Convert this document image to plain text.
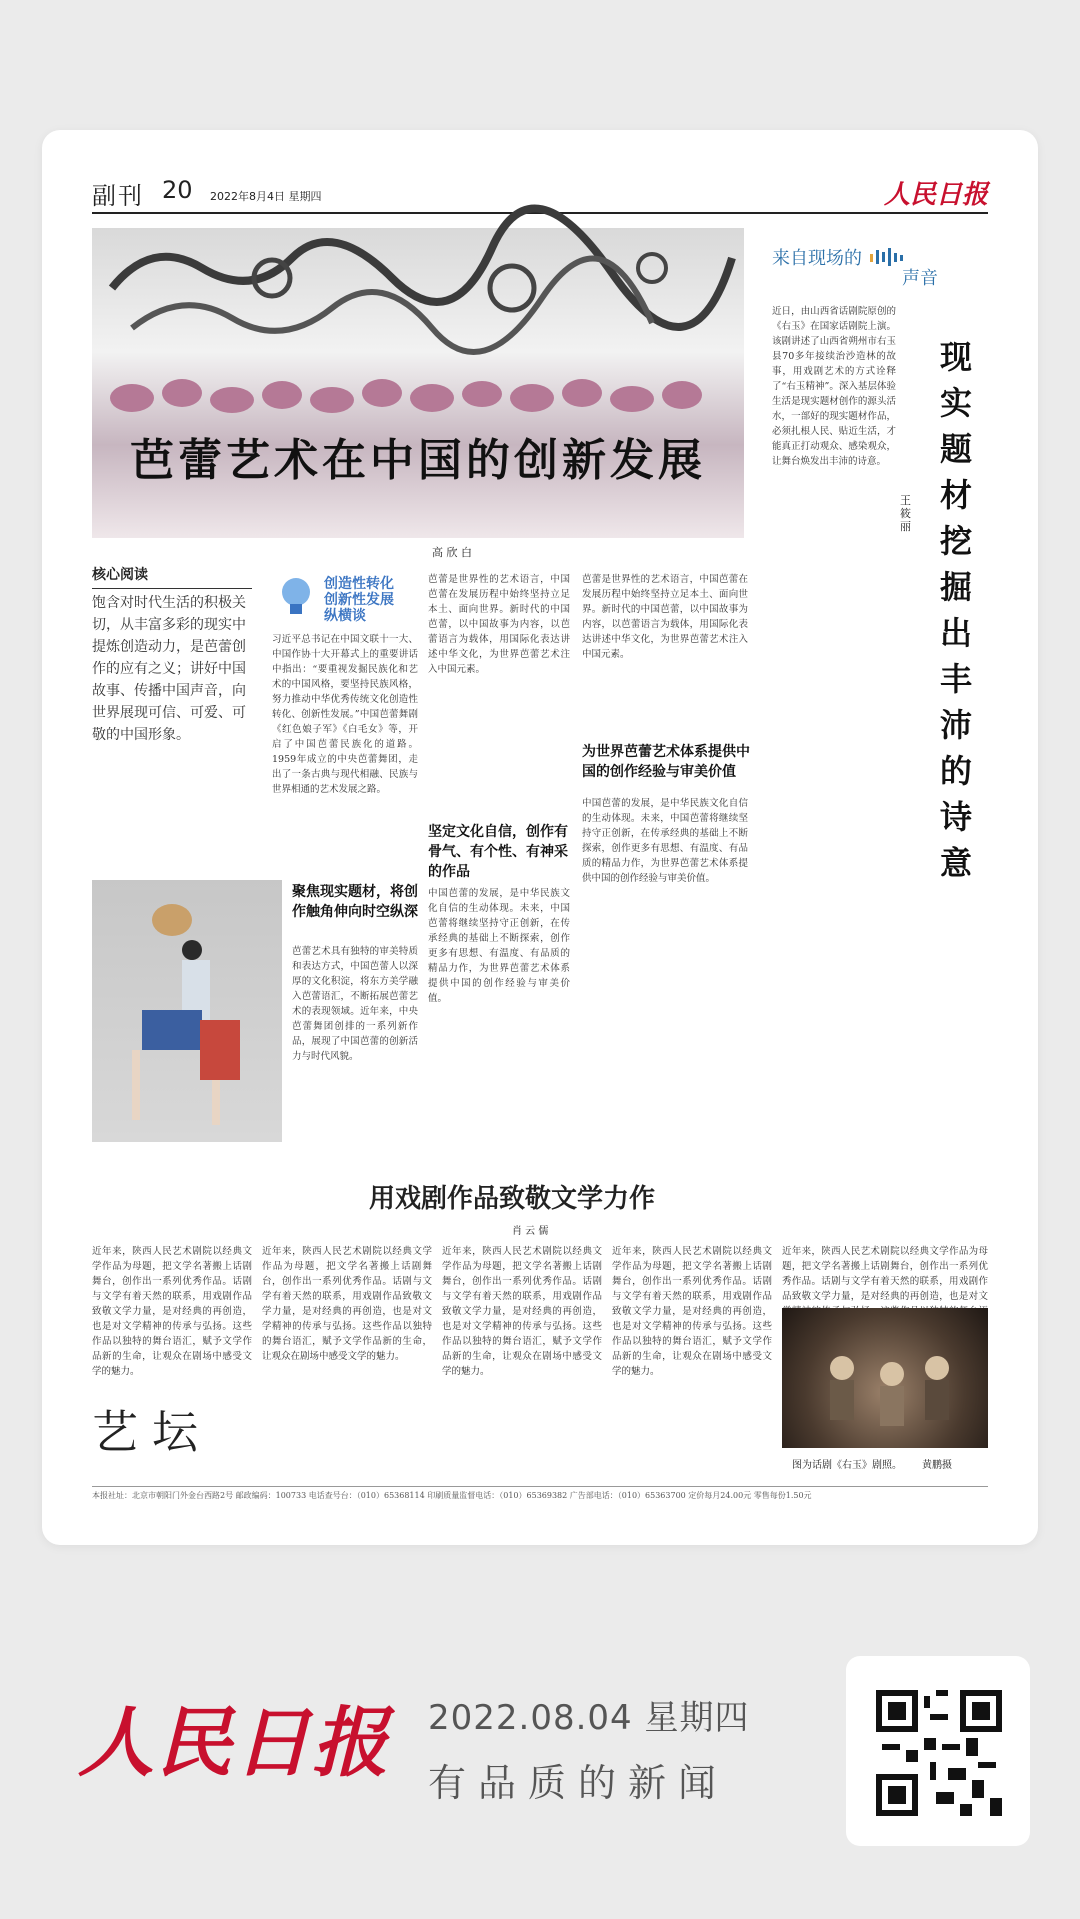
副刊 20 2022年8月4日 星期四	人民日报
芭蕾艺术在中国的创新发展
高 欣 白
来自现场的
声音
现实题材挖掘出丰沛的诗意
王 筱 丽
近日，由山西省话剧院原创的《右玉》在国家话剧院上演。该剧讲述了山西省朔州市右玉县70多年接续治沙造林的故事，用戏剧艺术的方式诠释了“右玉精神”。深入基层体验生活是现实题材创作的源头活水，一部好的现实题材作品，必须扎根人民、贴近生活，才能真正打动观众、感染观众，让舞台焕发出丰沛的诗意。
核心阅读
饱含对时代生活的积极关切，从丰富多彩的现实中提炼创造动力，是芭蕾创作的应有之义；讲好中国故事、传播中国声音，向世界展现可信、可爱、可敬的中国形象。
创造性转化
创新性发展
纵横谈
习近平总书记在中国文联十一大、中国作协十大开幕式上的重要讲话中指出：“要重视发掘民族化和艺术的中国风格，要坚持民族风格，努力推动中华优秀传统文化创造性转化、创新性发展。”中国芭蕾舞剧《红色娘子军》《白毛女》等，开启了中国芭蕾民族化的道路。1959年成立的中央芭蕾舞团，走出了一条古典与现代相融、民族与世界相通的艺术发展之路。
聚焦现实题材，将创作触角伸向时空纵深
芭蕾艺术具有独特的审美特质和表达方式，中国芭蕾人以深厚的文化积淀，将东方美学融入芭蕾语汇，不断拓展芭蕾艺术的表现领域。近年来，中央芭蕾舞团创排的一系列新作品，展现了中国芭蕾的创新活力与时代风貌。
芭蕾是世界性的艺术语言，中国芭蕾在发展历程中始终坚持立足本土、面向世界。新时代的中国芭蕾，以中国故事为内容，以芭蕾语言为载体，用国际化表达讲述中华文化，为世界芭蕾艺术注入中国元素。
坚定文化自信，创作有骨气、有个性、有神采的作品
中国芭蕾的发展，是中华民族文化自信的生动体现。未来，中国芭蕾将继续坚持守正创新，在传承经典的基础上不断探索，创作更多有思想、有温度、有品质的精品力作，为世界芭蕾艺术体系提供中国的创作经验与审美价值。
为世界芭蕾艺术体系提供中国的创作经验与审美价值
芭蕾是世界性的艺术语言，中国芭蕾在发展历程中始终坚持立足本土、面向世界。新时代的中国芭蕾，以中国故事为内容，以芭蕾语言为载体，用国际化表达讲述中华文化，为世界芭蕾艺术注入中国元素。
中国芭蕾的发展，是中华民族文化自信的生动体现。未来，中国芭蕾将继续坚持守正创新，在传承经典的基础上不断探索，创作更多有思想、有温度、有品质的精品力作，为世界芭蕾艺术体系提供中国的创作经验与审美价值。
用戏剧作品致敬文学力作
肖 云 儒
近年来，陕西人民艺术剧院以经典文学作品为母题，把文学名著搬上话剧舞台，创作出一系列优秀作品。话剧与文学有着天然的联系，用戏剧作品致敬文学力量，是对经典的再创造，也是对文学精神的传承与弘扬。这些作品以独特的舞台语汇，赋予文学作品新的生命，让观众在剧场中感受文学的魅力。
近年来，陕西人民艺术剧院以经典文学作品为母题，把文学名著搬上话剧舞台，创作出一系列优秀作品。话剧与文学有着天然的联系，用戏剧作品致敬文学力量，是对经典的再创造，也是对文学精神的传承与弘扬。这些作品以独特的舞台语汇，赋予文学作品新的生命，让观众在剧场中感受文学的魅力。
近年来，陕西人民艺术剧院以经典文学作品为母题，把文学名著搬上话剧舞台，创作出一系列优秀作品。话剧与文学有着天然的联系，用戏剧作品致敬文学力量，是对经典的再创造，也是对文学精神的传承与弘扬。这些作品以独特的舞台语汇，赋予文学作品新的生命，让观众在剧场中感受文学的魅力。
近年来，陕西人民艺术剧院以经典文学作品为母题，把文学名著搬上话剧舞台，创作出一系列优秀作品。话剧与文学有着天然的联系，用戏剧作品致敬文学力量，是对经典的再创造，也是对文学精神的传承与弘扬。这些作品以独特的舞台语汇，赋予文学作品新的生命，让观众在剧场中感受文学的魅力。
近年来，陕西人民艺术剧院以经典文学作品为母题，把文学名著搬上话剧舞台，创作出一系列优秀作品。话剧与文学有着天然的联系，用戏剧作品致敬文学力量，是对经典的再创造，也是对文
艺坛
图为话剧《右玉》剧照。 黄鹏摄
本报社址：北京市朝阳门外金台西路2号 邮政编码：100733 电话查号台：（010）65368114 印刷质量监督电话：（010）65369382 广告部电话：（010）65363700 定价每月24.00元 零售每份1.50元
人民日报 2022.08.04 星期四
有品质的新闻
